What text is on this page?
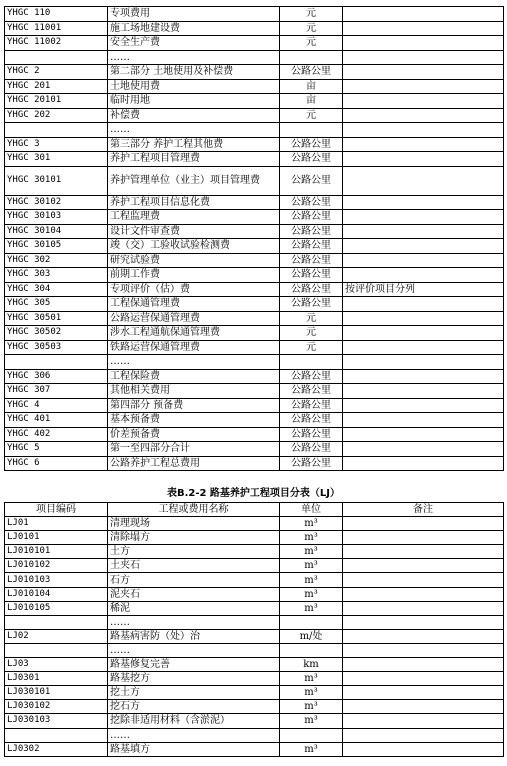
YHGC 110	专项费用	元	
YHGC 11001	施工场地建设费	元	
YHGC 11002	安全生产费	元	
	……		
YHGC 2	第二部分 土地使用及补偿费	公路公里	
YHGC 201	土地使用费	亩	
YHGC 20101	临时用地	亩	
YHGC 202	补偿费	元	
	……		
YHGC 3	第三部分 养护工程其他费	公路公里	
YHGC 301	养护工程项目管理费	公路公里	
YHGC 30101	养护管理单位（业主）项目管理费	公路公里	
YHGC 30102	养护工程项目信息化费	公路公里	
YHGC 30103	工程监理费	公路公里	
YHGC 30104	设计文件审查费	公路公里	
YHGC 30105	竣（交）工验收试验检测费	公路公里	
YHGC 302	研究试验费	公路公里	
YHGC 303	前期工作费	公路公里	
YHGC 304	专项评价（估）费	公路公里	按评价项目分列
YHGC 305	工程保通管理费	公路公里	
YHGC 30501	公路运营保通管理费	元	
YHGC 30502	涉水工程通航保通管理费	元	
YHGC 30503	铁路运营保通管理费	元	
	……		
YHGC 306	工程保险费	公路公里	
YHGC 307	其他相关费用	公路公里	
YHGC 4	第四部分 预备费	公路公里	
YHGC 401	基本预备费	公路公里	
YHGC 402	价差预备费	公路公里	
YHGC 5	第一至四部分合计	公路公里	
YHGC 6	公路养护工程总费用	公路公里	
表B.2-2 路基养护工程项目分表（LJ）
项目编码	工程或费用名称	单位	备注
LJ01	清理现场	m³	
LJ0101	清除塌方	m³	
LJ010101	土方	m³	
LJ010102	土夹石	m³	
LJ010103	石方	m³	
LJ010104	泥夹石	m³	
LJ010105	稀泥	m³	
	……		
LJ02	路基病害防（处）治	m/处	
	……		
LJ03	路基修复完善	km	
LJ0301	路基挖方	m³	
LJ030101	挖土方	m³	
LJ030102	挖石方	m³	
LJ030103	挖除非适用材料（含淤泥）	m³	
	……		
LJ0302	路基填方	m³	
